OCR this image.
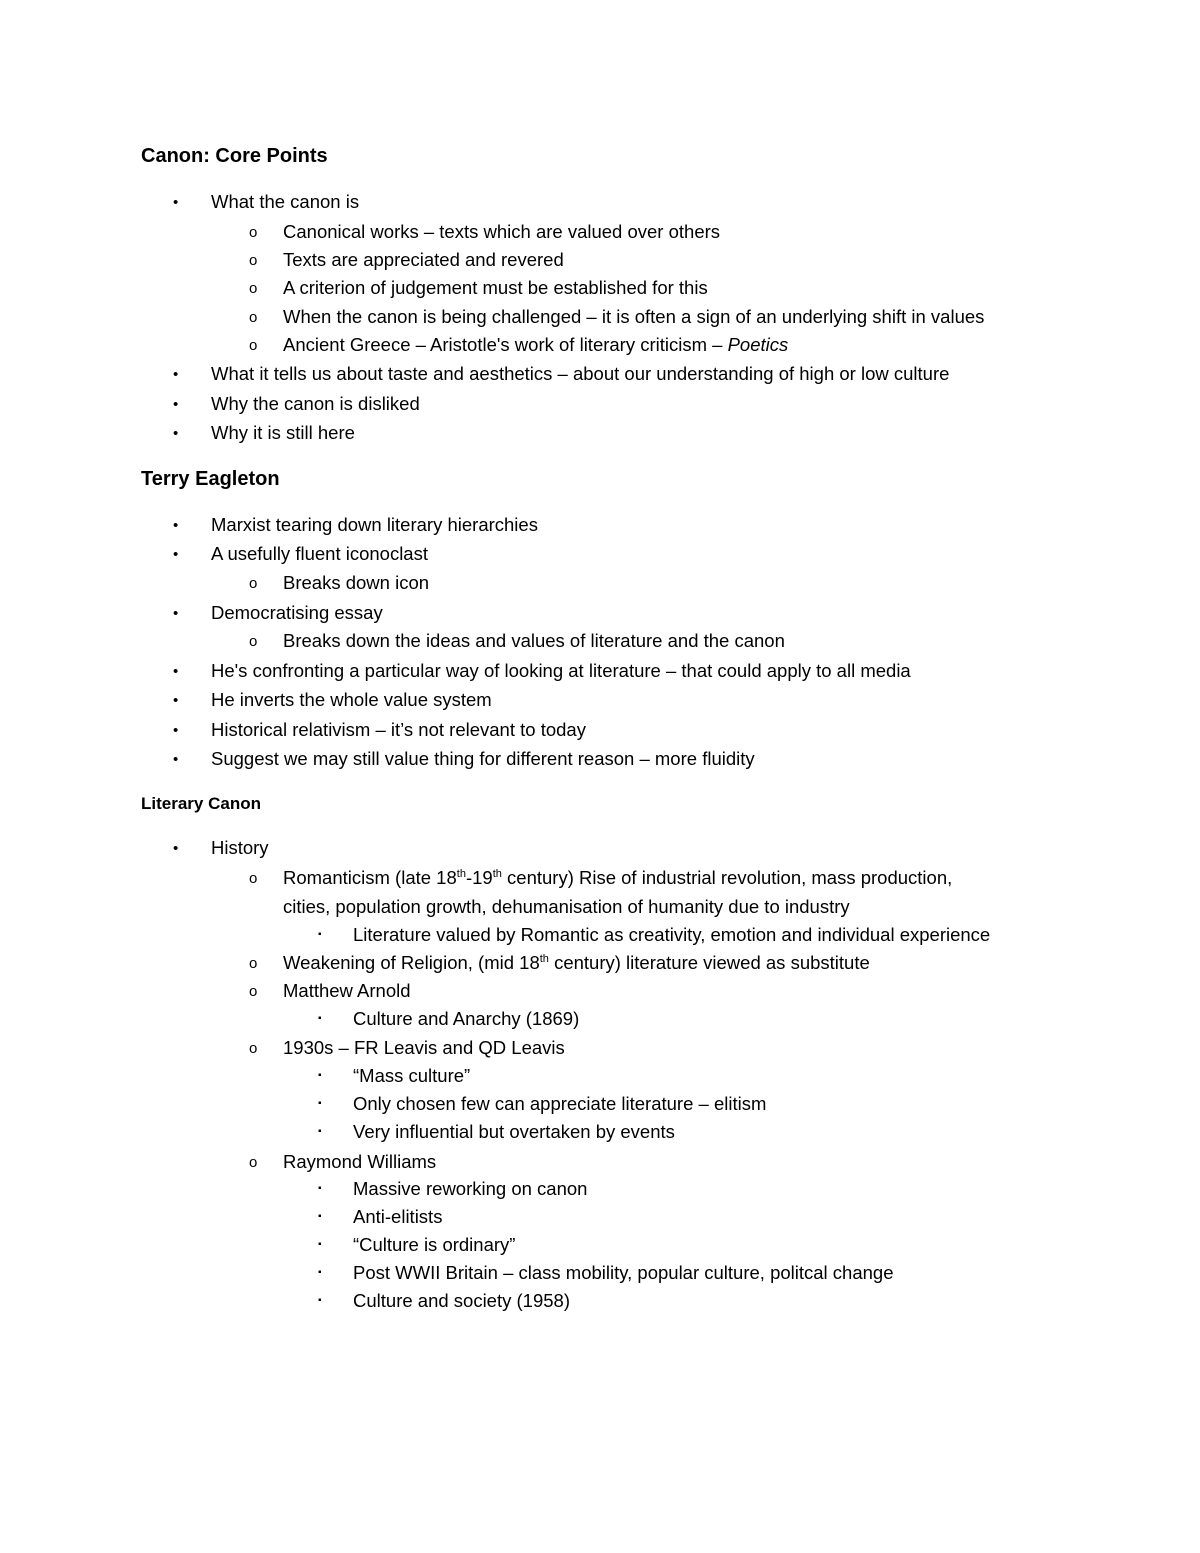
Canon: Core Points
• What the canon is
o Canonical works – texts which are valued over others
o Texts are appreciated and revered
o A criterion of judgement must be established for this
o When the canon is being challenged – it is often a sign of an underlying shift in values
o Ancient Greece – Aristotle's work of literary criticism – Poetics
• What it tells us about taste and aesthetics – about our understanding of high or low culture
• Why the canon is disliked
• Why it is still here
Terry Eagleton
• Marxist tearing down literary hierarchies
• A usefully fluent iconoclast
o Breaks down icon
• Democratising essay
o Breaks down the ideas and values of literature and the canon
• He's confronting a particular way of looking at literature – that could apply to all media
• He inverts the whole value system
• Historical relativism – it’s not relevant to today
• Suggest we may still value thing for different reason – more fluidity
Literary Canon
• History
o Romanticism (late 18th-19th century) Rise of industrial revolution, mass production,
cities, population growth, dehumanisation of humanity due to industry
▪ Literature valued by Romantic as creativity, emotion and individual experience
o Weakening of Religion, (mid 18th century) literature viewed as substitute
o Matthew Arnold
▪ Culture and Anarchy (1869)
o 1930s – FR Leavis and QD Leavis
▪ “Mass culture”
▪ Only chosen few can appreciate literature – elitism
▪ Very influential but overtaken by events
o Raymond Williams
▪ Massive reworking on canon
▪ Anti-elitists
▪ “Culture is ordinary”
▪ Post WWII Britain – class mobility, popular culture, politcal change
▪ Culture and society (1958)
